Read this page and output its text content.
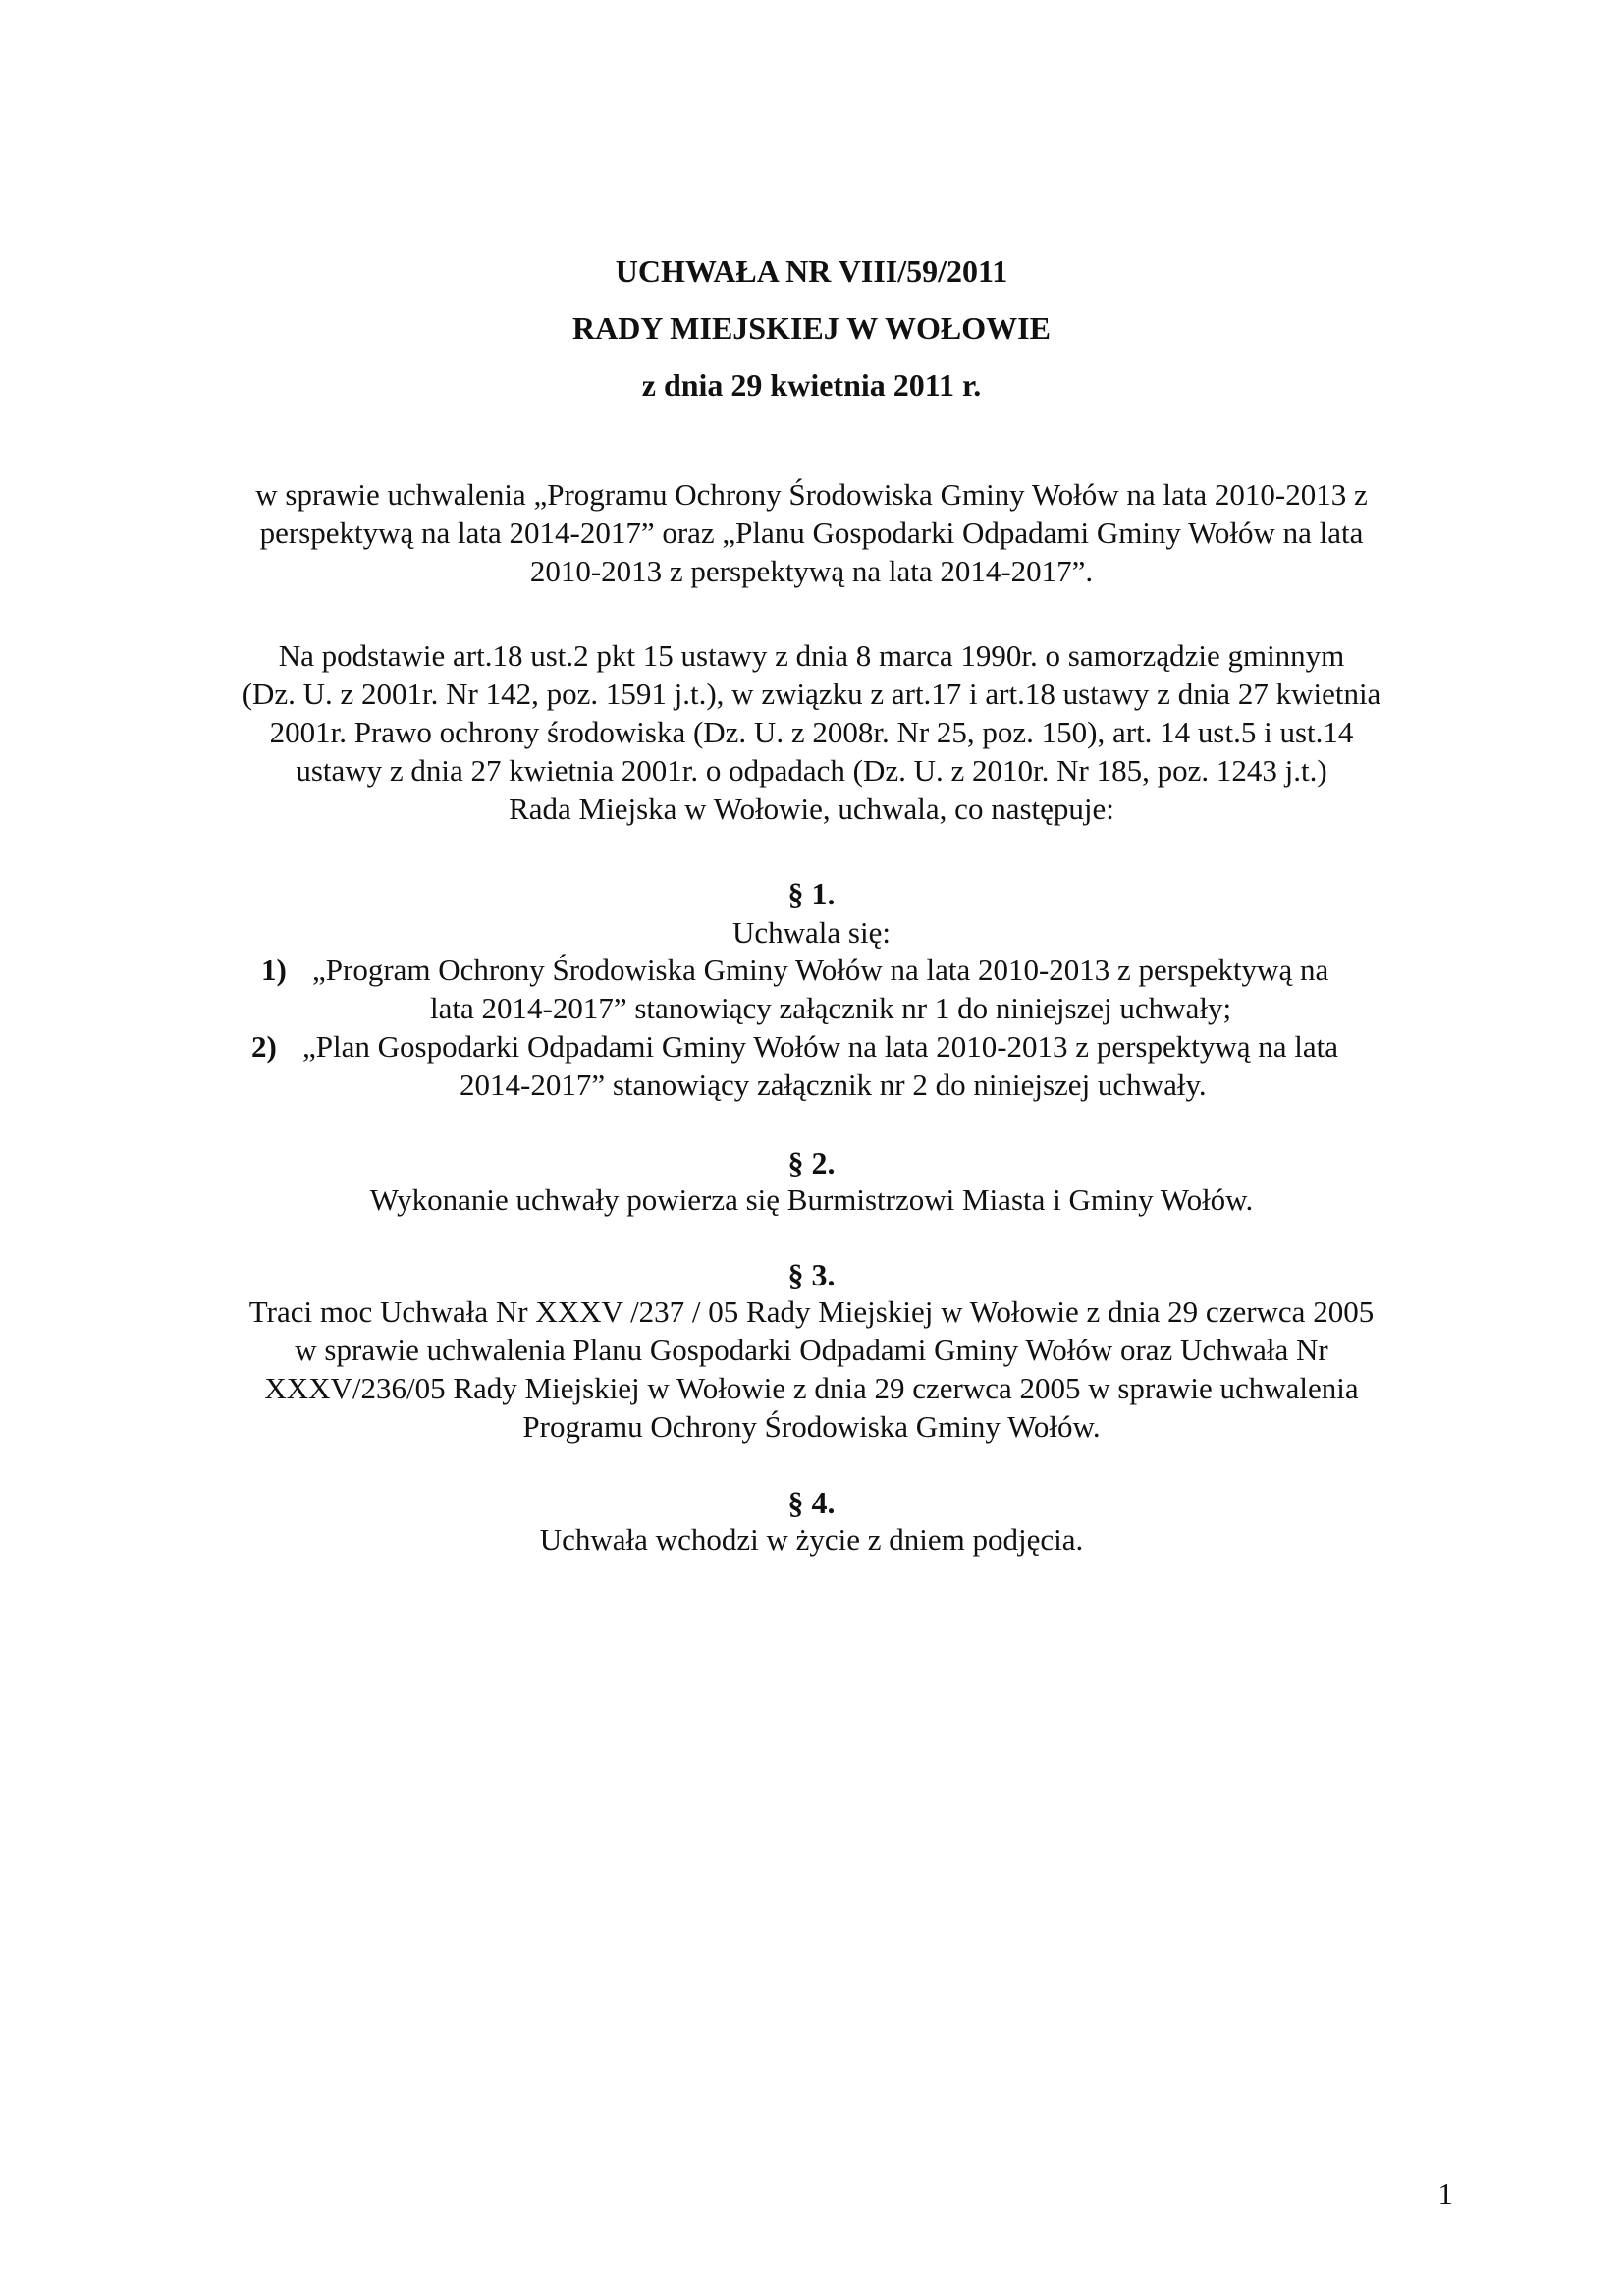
UCHWAŁA NR VIII/59/2011
RADY MIEJSKIEJ W WOŁOWIE
z dnia 29 kwietnia 2011 r.

w sprawie uchwalenia „Programu Ochrony Środowiska Gminy Wołów na lata 2010-2013 z

perspektywą na lata 2014-2017” oraz „Planu Gospodarki Odpadami Gminy Wołów na lata

2010-2013 z perspektywą na lata 2014-2017”.

Na podstawie art.18 ust.2 pkt 15 ustawy z dnia 8 marca 1990r. o samorządzie gminnym

(Dz. U. z 2001r. Nr 142, poz. 1591 j.t.), w związku z art.17 i art.18 ustawy z dnia 27 kwietnia

2001r. Prawo ochrony środowiska (Dz. U. z 2008r. Nr 25, poz. 150), art. 14 ust.5 i ust.14

ustawy z dnia 27 kwietnia 2001r. o odpadach (Dz. U. z 2010r. Nr 185, poz. 1243 j.t.)

Rada Miejska w Wołowie, uchwala, co następuje:

§ 1.

Uchwala się:

1) „Program Ochrony Środowiska Gminy Wołów na lata 2010-2013 z perspektywą na
lata 2014-2017” stanowiący załącznik nr 1 do niniejszej uchwały;
2) „Plan Gospodarki Odpadami Gminy Wołów na lata 2010-2013 z perspektywą na lata
2014-2017” stanowiący załącznik nr 2 do niniejszej uchwały.
§ 2.

Wykonanie uchwały powierza się Burmistrzowi Miasta i Gminy Wołów.

§ 3.

Traci moc Uchwała Nr XXXV /237 / 05 Rady Miejskiej w Wołowie z dnia 29 czerwca 2005

w sprawie uchwalenia Planu Gospodarki Odpadami Gminy Wołów oraz Uchwała Nr

XXXV/236/05 Rady Miejskiej w Wołowie z dnia 29 czerwca 2005 w sprawie uchwalenia

Programu Ochrony Środowiska Gminy Wołów.

§ 4.

Uchwała wchodzi w życie z dniem podjęcia.

1
